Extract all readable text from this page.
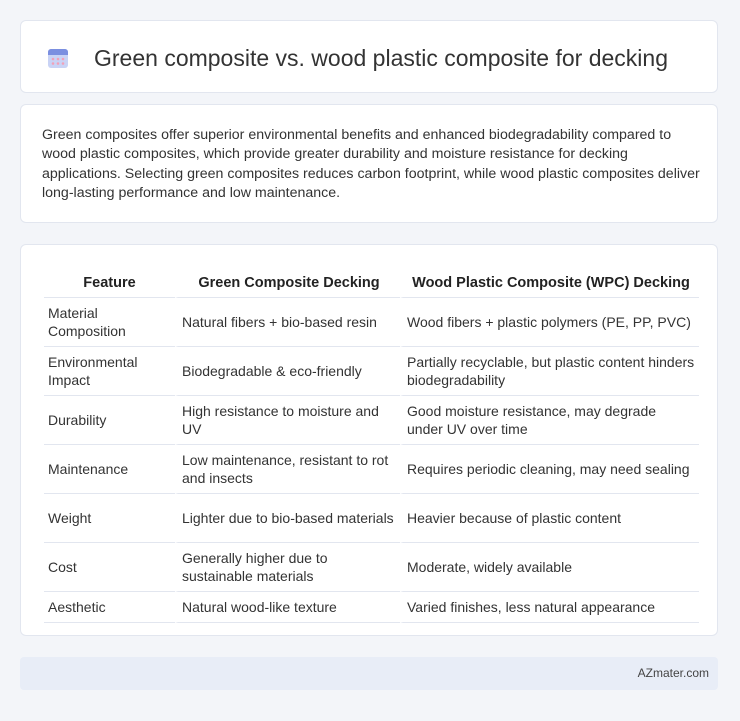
Green composite vs. wood plastic composite for decking
Green composites offer superior environmental benefits and enhanced biodegradability compared to wood plastic composites, which provide greater durability and moisture resistance for decking applications. Selecting green composites reduces carbon footprint, while wood plastic composites deliver long-lasting performance and low maintenance.
Feature	Green Composite Decking	Wood Plastic Composite (WPC) Decking
Material Composition	Natural fibers + bio-based resin	Wood fibers + plastic polymers (PE, PP, PVC)
Environmental Impact	Biodegradable & eco-friendly	Partially recyclable, but plastic content hinders biodegradability
Durability	High resistance to moisture and UV	Good moisture resistance, may degrade under UV over time
Maintenance	Low maintenance, resistant to rot and insects	Requires periodic cleaning, may need sealing
Weight	Lighter due to bio-based materials	Heavier because of plastic content
Cost	Generally higher due to sustainable materials	Moderate, widely available
Aesthetic	Natural wood-like texture	Varied finishes, less natural appearance
AZmater.com
